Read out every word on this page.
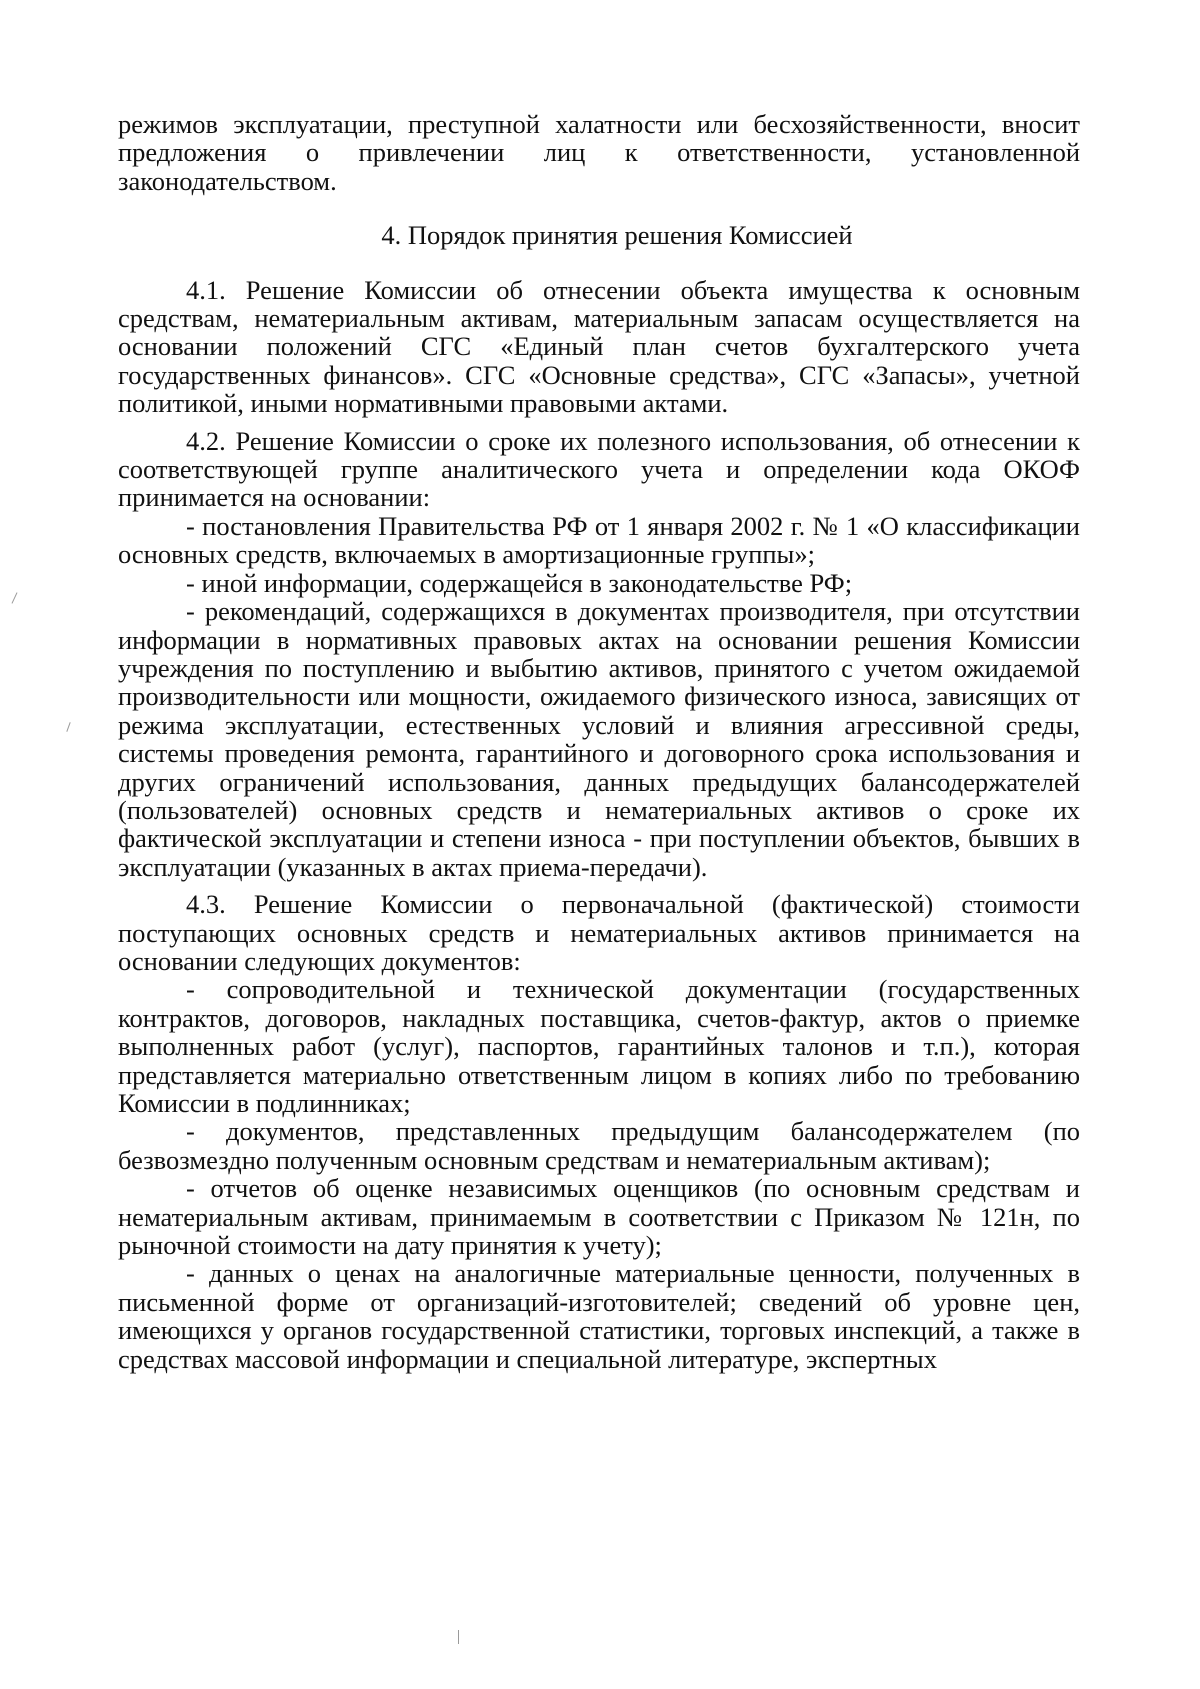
режимов эксплуатации, преступной халатности или бесхозяйственности, вносит предложения о привлечении лиц к ответственности, установленной законодательством.

4. Порядок принятия решения Комиссией

4.1. Решение Комиссии об отнесении объекта имущества к основным средствам, нематериальным активам, материальным запасам осуществляется на основании положений СГС «Единый план счетов бухгалтерского учета государственных финансов». СГС «Основные средства», СГС «Запасы», учетной политикой, иными нормативными правовыми актами.

4.2. Решение Комиссии о сроке их полезного использования, об отнесении к соответствующей группе аналитического учета и определении кода ОКОФ принимается на основании:

- постановления Правительства РФ от 1 января 2002 г. № 1 «О классификации основных средств, включаемых в амортизационные группы»;

- иной информации, содержащейся в законодательстве РФ;

- рекомендаций, содержащихся в документах производителя, при отсутствии информации в нормативных правовых актах на основании решения Комиссии учреждения по поступлению и выбытию активов, принятого с учетом ожидаемой производительности или мощности, ожидаемого физического износа, зависящих от режима эксплуатации, естественных условий и влияния агрессивной среды, системы проведения ремонта, гарантийного и договорного срока использования и других ограничений использования, данных предыдущих балансодержателей (пользователей) основных средств и нематериальных активов о сроке их фактической эксплуатации и степени износа - при поступлении объектов, бывших в эксплуатации (указанных в актах приема-передачи).

4.3. Решение Комиссии о первоначальной (фактической) стоимости поступающих основных средств и нематериальных активов принимается на основании следующих документов:

- сопроводительной и технической документации (государственных контрактов, договоров, накладных поставщика, счетов-фактур, актов о приемке выполненных работ (услуг), паспортов, гарантийных талонов и т.п.), которая представляется материально ответственным лицом в копиях либо по требованию Комиссии в подлинниках;

- документов, представленных предыдущим балансодержателем (по безвозмездно полученным основным средствам и нематериальным активам);

- отчетов об оценке независимых оценщиков (по основным средствам и нематериальным активам, принимаемым в соответствии с Приказом № 121н, по рыночной стоимости на дату принятия к учету);

- данных о ценах на аналогичные материальные ценности, полученных в письменной форме от организаций-изготовителей; сведений об уровне цен, имеющихся у органов государственной статистики, торговых инспекций, а также в средствах массовой информации и специальной литературе, экспертных
